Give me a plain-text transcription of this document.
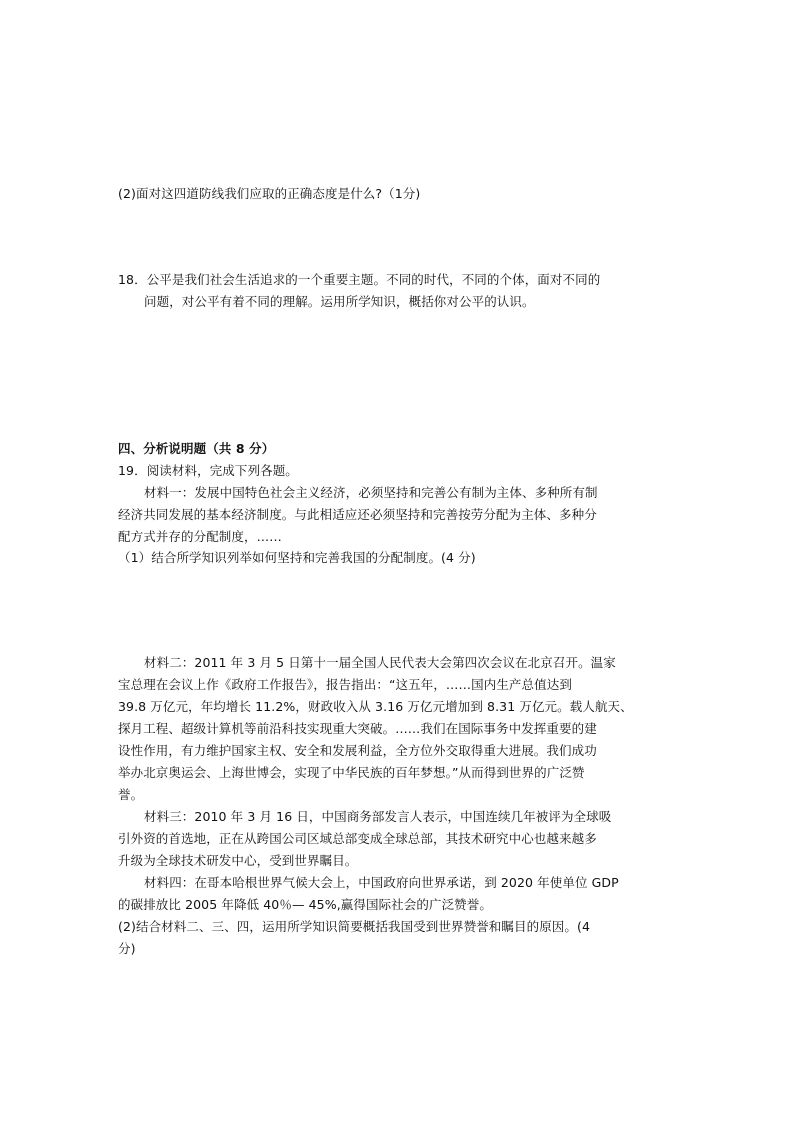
(2)面对这四道防线我们应取的正确态度是什么?（1分)
18．公平是我们社会生活追求的一个重要主题。不同的时代，不同的个体，面对不同的
问题，对公平有着不同的理解。运用所学知识，概括你对公平的认识。
四、分析说明题（共 8 分）
19．阅读材料，完成下列各题。
材料一：发展中国特色社会主义经济，必须坚持和完善公有制为主体、多种所有制
经济共同发展的基本经济制度。与此相适应还必须坚持和完善按劳分配为主体、多种分
配方式并存的分配制度，……
（1）结合所学知识列举如何坚持和完善我国的分配制度。(4 分)
材料二：2011 年 3 月 5 日第十一届全国人民代表大会第四次会议在北京召开。温家
宝总理在会议上作《政府工作报告》，报告指出：“这五年，……国内生产总值达到
39.8 万亿元，年均增长 11.2%，财政收入从 3.16 万亿元增加到 8.31 万亿元。载人航天、
探月工程、超级计算机等前沿科技实现重大突破。……我们在国际事务中发挥重要的建
设性作用，有力维护国家主权、安全和发展利益，全方位外交取得重大进展。我们成功
举办北京奥运会、上海世博会，实现了中华民族的百年梦想。”从而得到世界的广泛赞
誉。
材料三：2010 年 3 月 16 日，中国商务部发言人表示，中国连续几年被评为全球吸
引外资的首选地，正在从跨国公司区域总部变成全球总部，其技术研究中心也越来越多
升级为全球技术研发中心，受到世界瞩目。
材料四：在哥本哈根世界气候大会上，中国政府向世界承诺，到 2020 年使单位 GDP
的碳排放比 2005 年降低 40％— 45%,赢得国际社会的广泛赞誉。
(2)结合材料二、三、四，运用所学知识简要概括我国受到世界赞誉和瞩目的原因。(4
分)
